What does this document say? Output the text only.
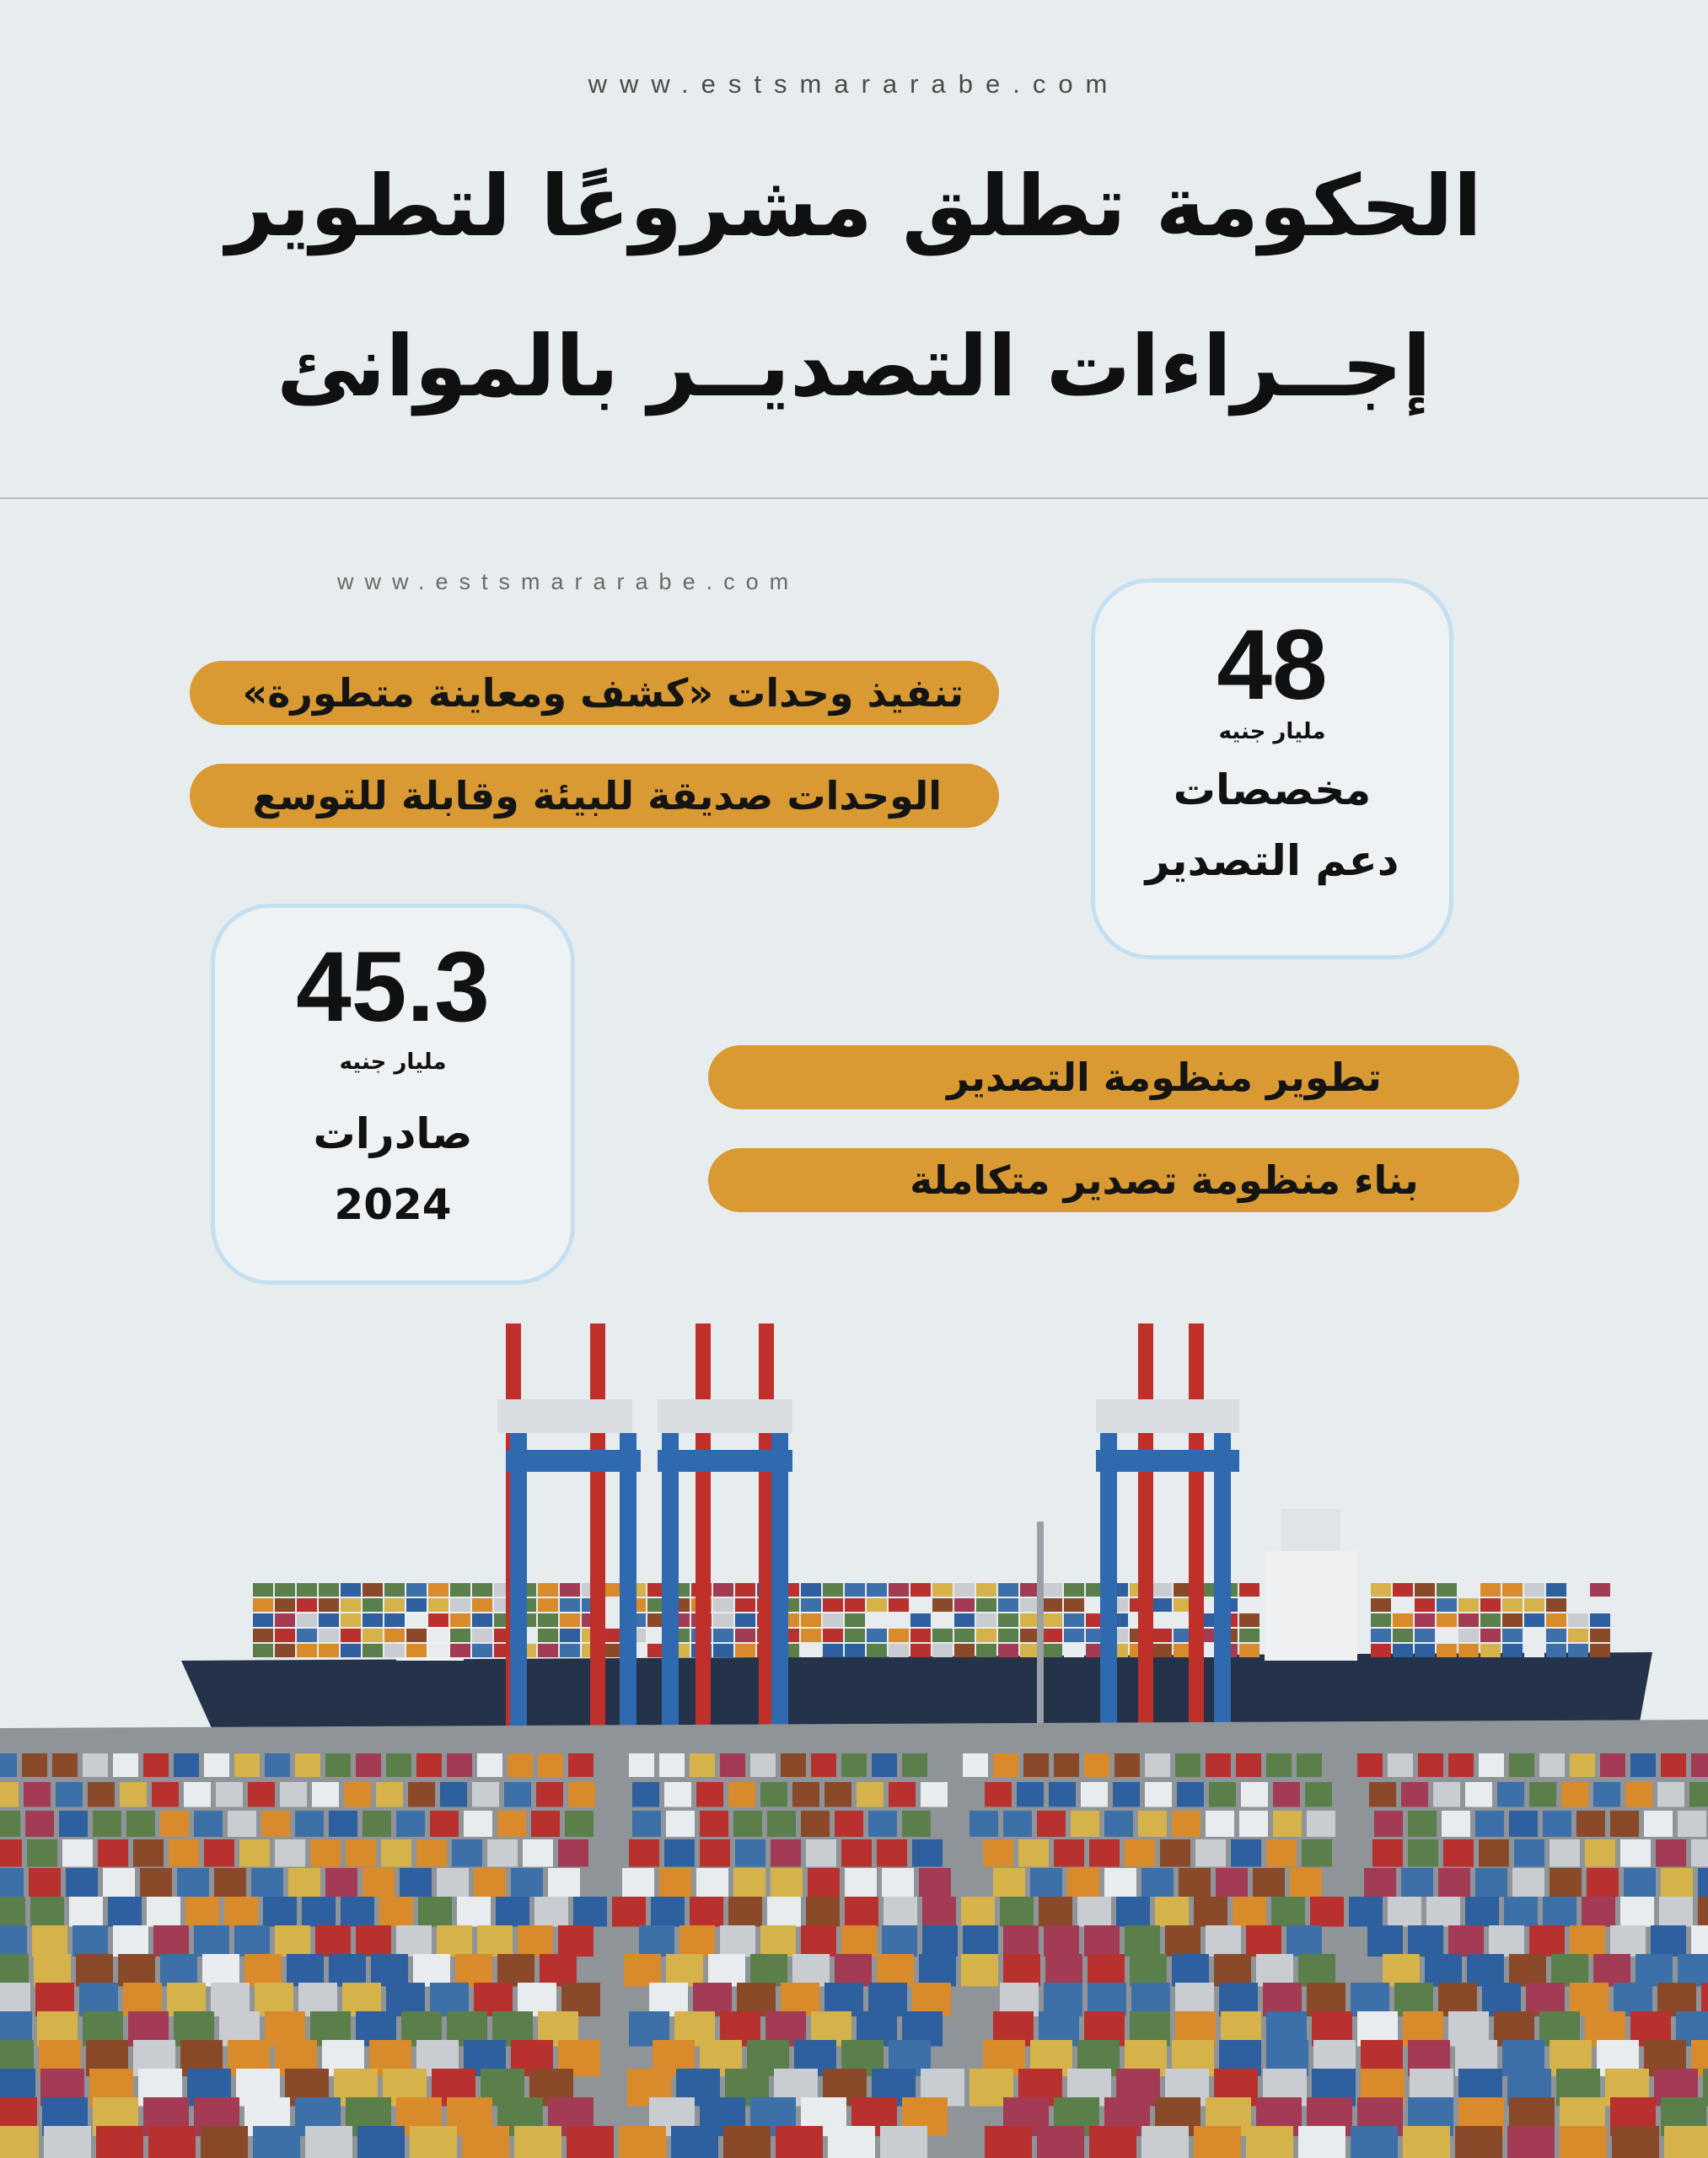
www.estsmararabe.com
الحكومة تطلق مشروعًا لتطوير
إجــراءات التصديــر بالموانئ
www.estsmararabe.com
48
مليار جنيه
مخصصات
دعم التصدير
تنفيذ وحدات «كشف ومعاينة متطورة»
الوحدات صديقة للبيئة وقابلة للتوسع
45.3
مليار جنيه
صادرات
2024
تطوير منظومة التصدير
بناء منظومة تصدير متكاملة
